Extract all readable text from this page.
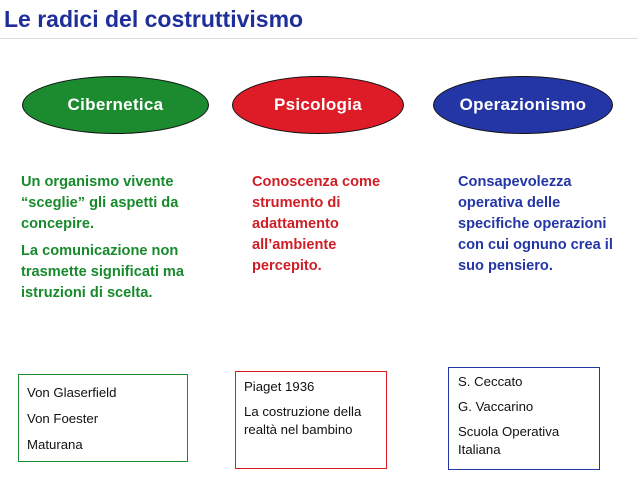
Le radici del costruttivismo
Cibernetica	Psicologia	Operazionismo

Un organismo vivente “sceglie” gli aspetti da concepire.

La comunicazione non trasmette significati ma istruzioni di scelta.

Conoscenza come strumento di adattamento all’ambiente percepito.

Consapevolezza operativa delle specifiche operazioni con cui ognuno crea il suo pensiero.

Von Glaserfield
Von Foester
Maturana
Piaget 1936
La costruzione della realtà nel bambino
S. Ceccato
G. Vaccarino
Scuola Operativa Italiana
